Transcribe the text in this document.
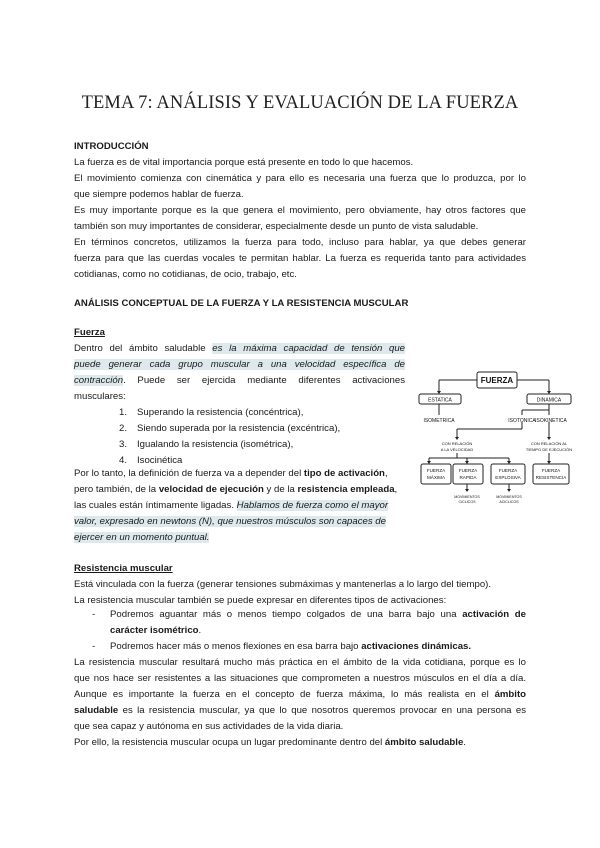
TEMA 7: ANÁLISIS Y EVALUACIÓN DE LA FUERZA
INTRODUCCIÓN
La fuerza es de vital importancia porque está presente en todo lo que hacemos.
El movimiento comienza con cinemática y para ello es necesaria una fuerza que lo produzca, por lo
que siempre podemos hablar de fuerza.
Es muy importante porque es la que genera el movimiento, pero obviamente, hay otros factores que
también son muy importantes de considerar, especialmente desde un punto de vista saludable.
En términos concretos, utilizamos la fuerza para todo, incluso para hablar, ya que debes generar
fuerza para que las cuerdas vocales te permitan hablar. La fuerza es requerida tanto para actividades
cotidianas, como no cotidianas, de ocio, trabajo, etc.
ANÁLISIS CONCEPTUAL DE LA FUERZA Y LA RESISTENCIA MUSCULAR
Fuerza
Dentro del ámbito saludable es la máxima capacidad de tensión que
puede generar cada grupo muscular a una velocidad específica de
contracción. Puede ser ejercida mediante diferentes activaciones
musculares:
1. Superando la resistencia (concéntrica),
2. Siendo superada por la resistencia (excéntrica),
3. Igualando la resistencia (isométrica),
4. Isocinética
Por lo tanto, la definición de fuerza va a depender del tipo de activación,
pero también, de la velocidad de ejecución y de la resistencia empleada,
las cuales están íntimamente ligadas. Hablamos de fuerza como el mayor
valor, expresado en newtons (N), que nuestros músculos son capaces de
ejercer en un momento puntual.
FUERZA
ESTATICA	DINAMICA
ISOMETRICA	ISOTONICA ISOKINETICA
CON RELACIÓN
A LA VELOCIDAD
CON RELACIÓN AL
TIEMPO DE EJECUCIÓN
FUERZA
MÁXIMA
FUERZA
RAPIDA
FUERZA
EXPLOSIVA
FUERZA
RESISTENCIA
MOVIMIENTOS
CICLICOS
MOVIMIENTOS
ACICLICOS
Resistencia muscular
Está vinculada con la fuerza (generar tensiones submáximas y mantenerlas a lo largo del tiempo).
La resistencia muscular también se puede expresar en diferentes tipos de activaciones:
- Podremos aguantar más o menos tiempo colgados de una barra bajo una activación de
carácter isométrico.
- Podremos hacer más o menos flexiones en esa barra bajo activaciones dinámicas.
La resistencia muscular resultará mucho más práctica en el ámbito de la vida cotidiana, porque es lo
que nos hace ser resistentes a las situaciones que comprometen a nuestros músculos en el día a día.
Aunque es importante la fuerza en el concepto de fuerza máxima, lo más realista en el ámbito
saludable es la resistencia muscular, ya que lo que nosotros queremos provocar en una persona es
que sea capaz y autónoma en sus actividades de la vida diaria.
Por ello, la resistencia muscular ocupa un lugar predominante dentro del ámbito saludable.
